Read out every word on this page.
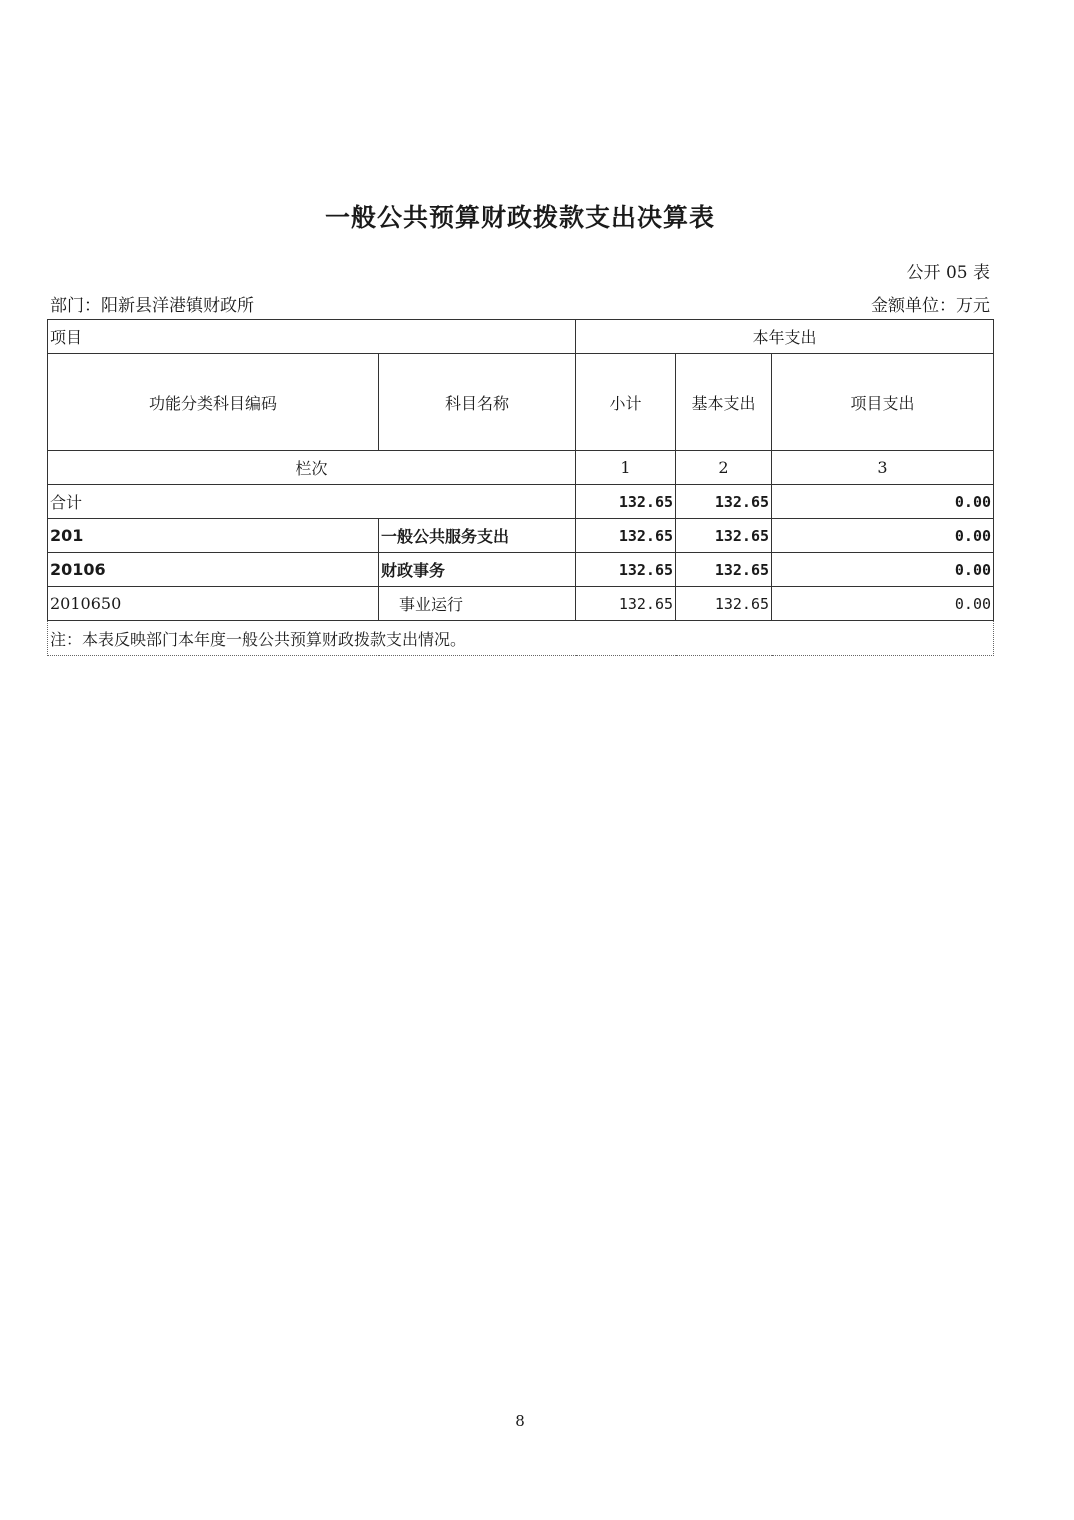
一般公共预算财政拨款支出决算表
公开 05 表
部门：阳新县洋港镇财政所	金额单位：万元
项目		本年支出		
功能分类科目编码	科目名称	小计	基本支出	项目支出
栏次		1	2	3
合计		132.65	132.65	0.00
201	一般公共服务支出	132.65	132.65	0.00
20106	财政事务	132.65	132.65	0.00
2010650	事业运行	132.65	132.65	0.00
注：本表反映部门本年度一般公共预算财政拨款支出情况。				
8
